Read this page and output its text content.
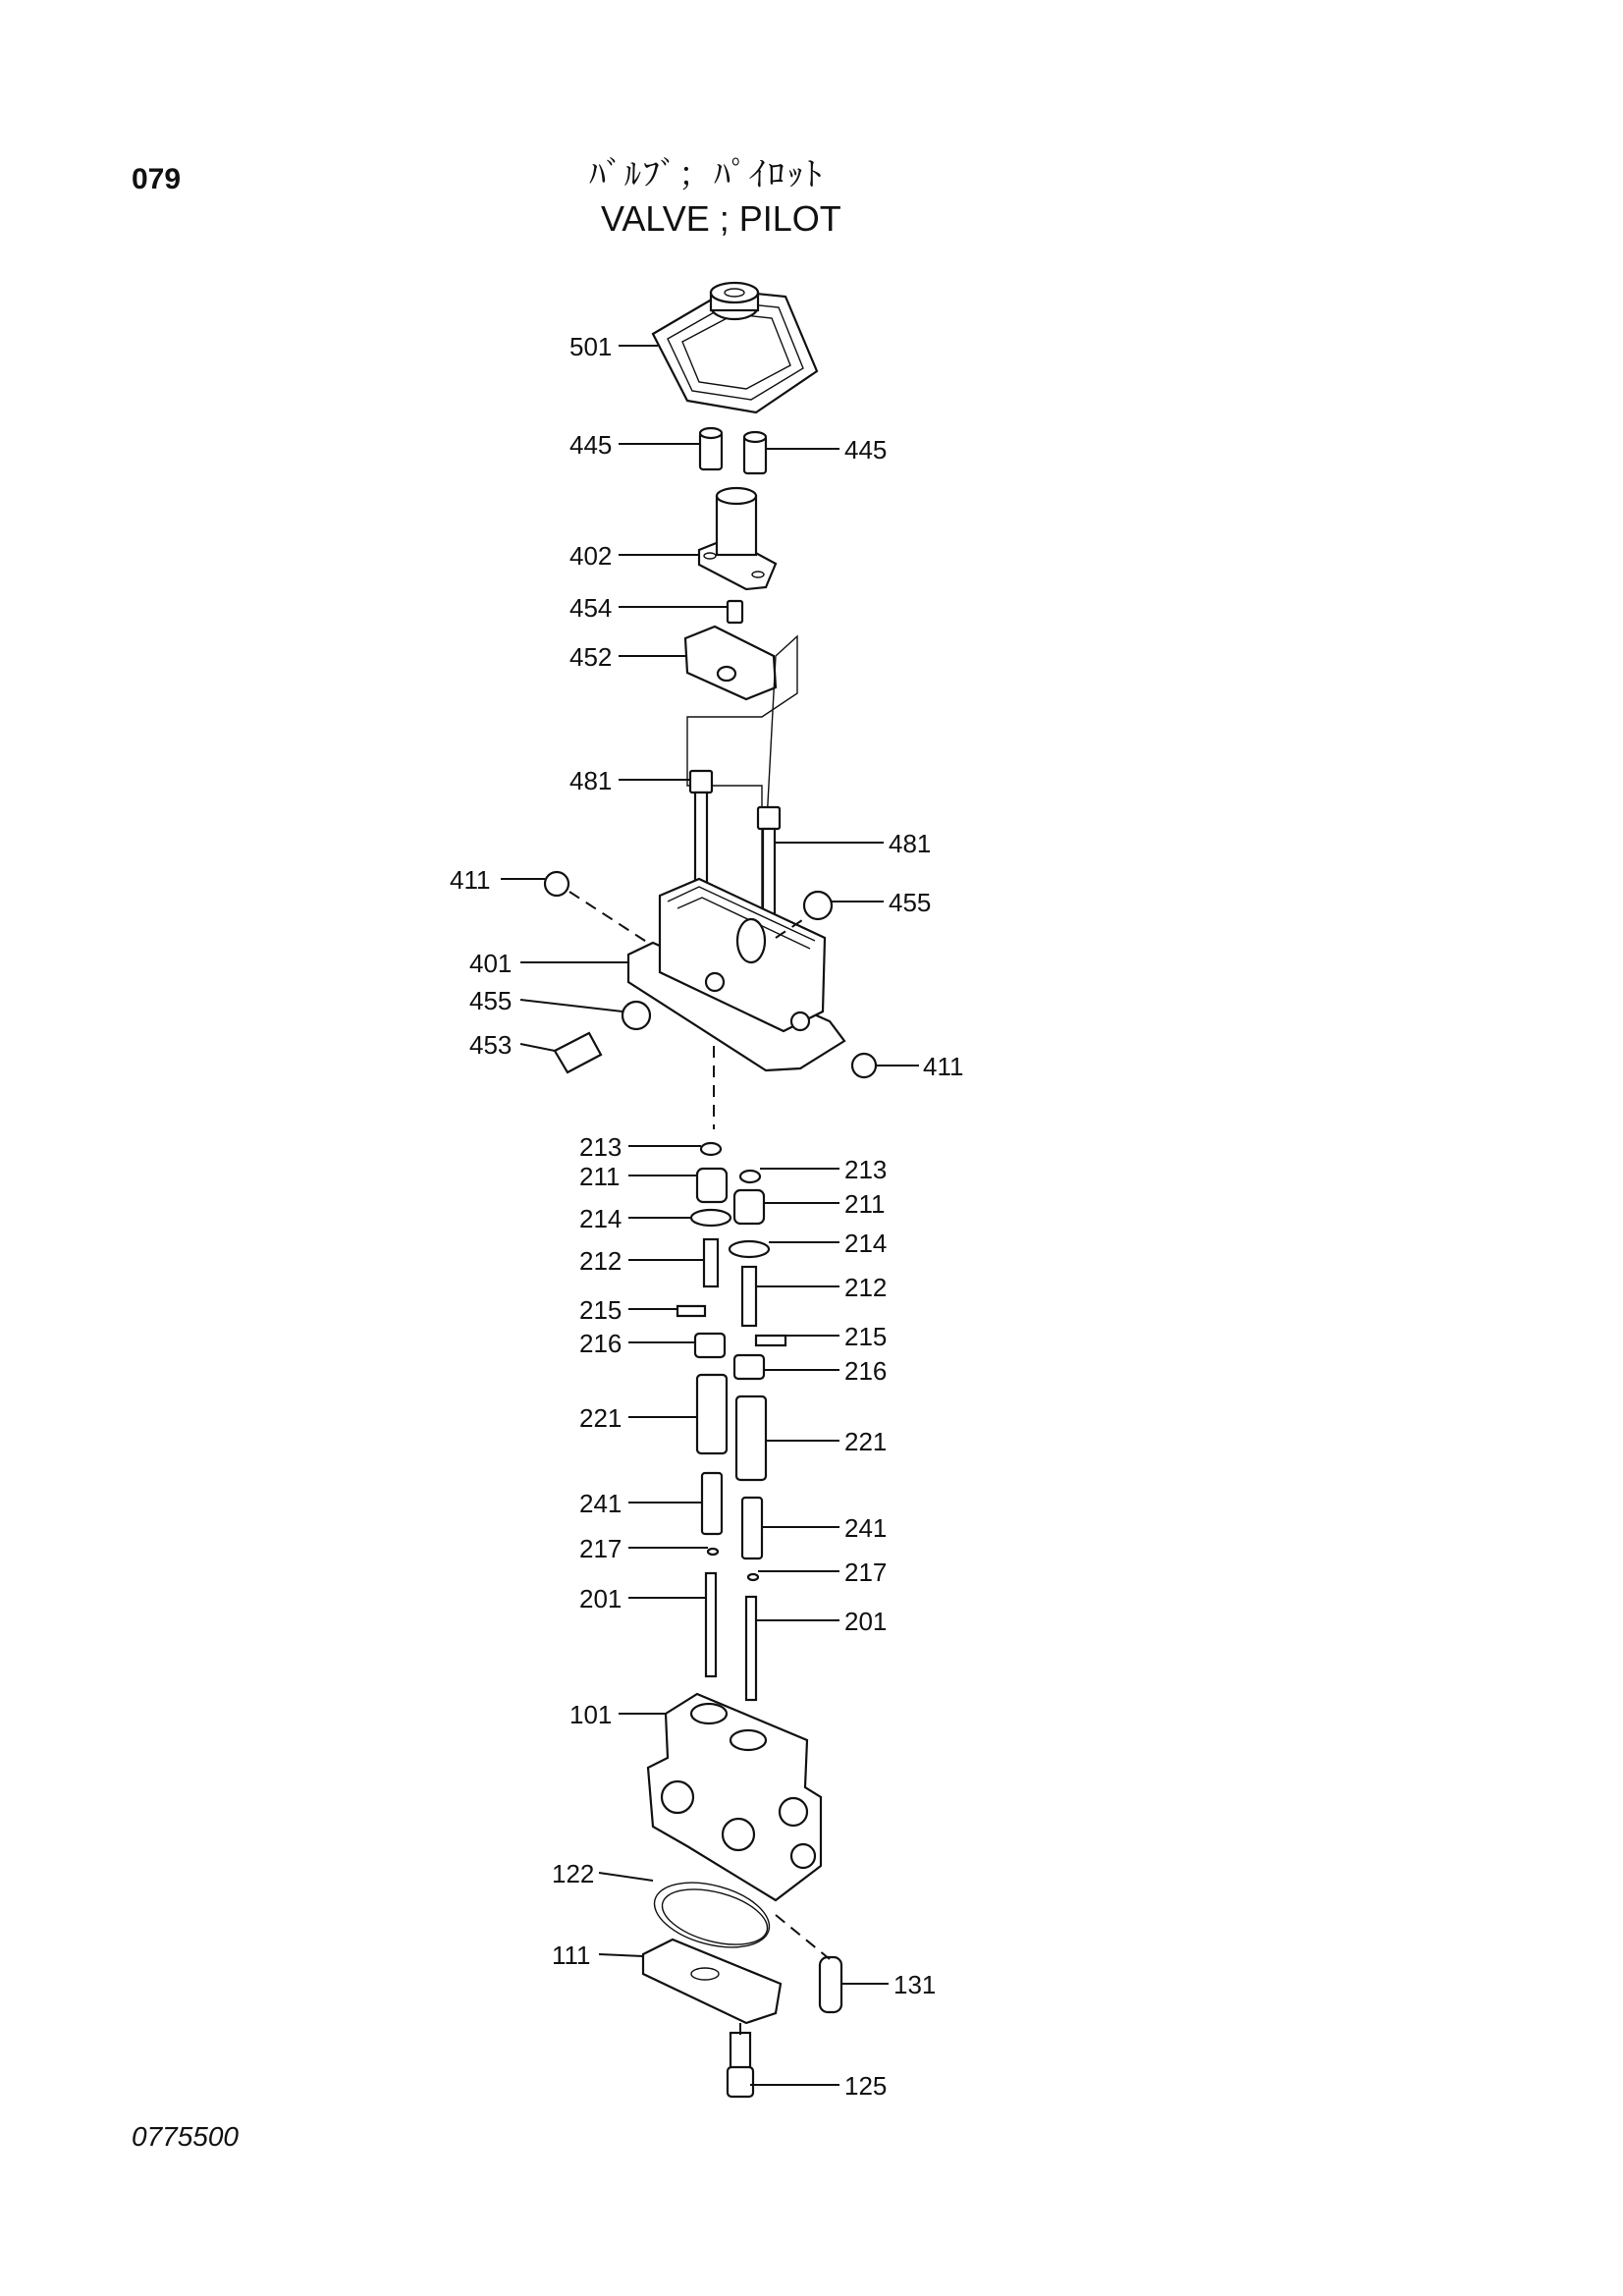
079	ﾊﾞﾙﾌﾞ；ﾊﾟｲﾛｯﾄ
VALVE ; PILOT
0775500
501
445	445
402
454
452
481
481
411
455
401
455
453
411
213
213
211
211
214
214
212
212
215
215
216
216
221
221
241
241
217
217
201
201
101
122
111
131
125
